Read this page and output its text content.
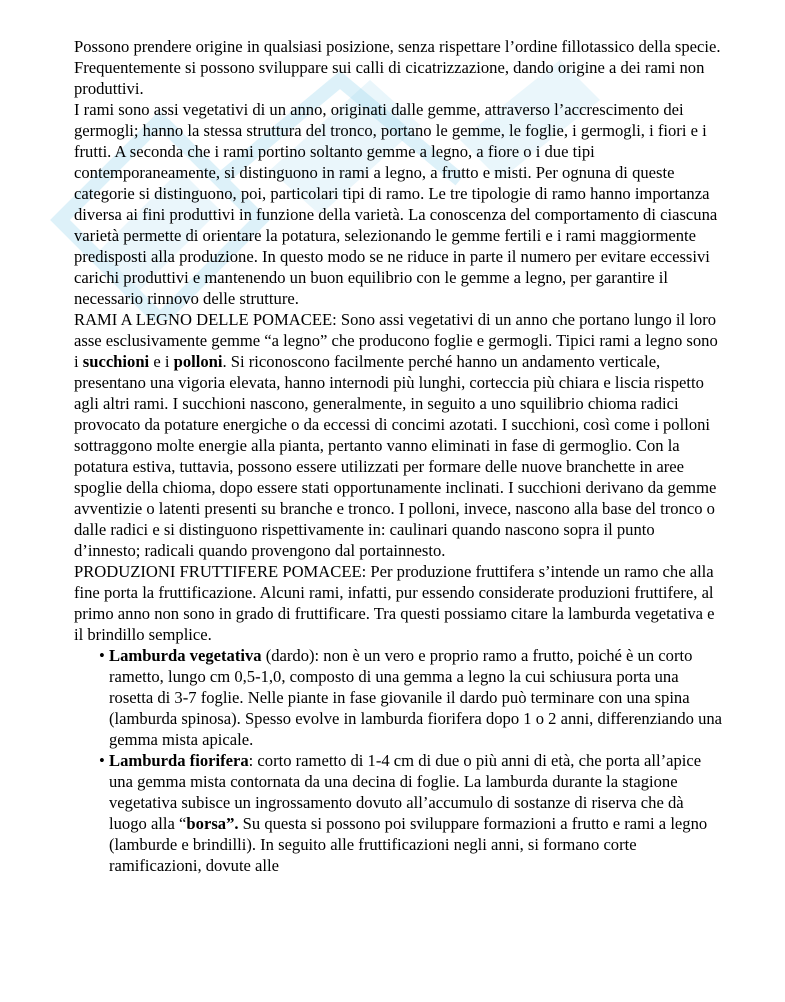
Possono prendere origine in qualsiasi posizione, senza rispettare l’ordine fillotassico della specie. Frequentemente si possono sviluppare sui calli di cicatrizzazione, dando origine a dei rami non produttivi.

I rami sono assi vegetativi di un anno, originati dalle gemme, attraverso l’accrescimento dei germogli; hanno la stessa struttura del tronco, portano le gemme, le foglie, i germogli, i fiori e i frutti. A seconda che i rami portino soltanto gemme a legno, a fiore o i due tipi contemporaneamente, si distinguono in rami a legno, a frutto e misti. Per ognuna di queste categorie si distinguono, poi, particolari tipi di ramo. Le tre tipologie di ramo hanno importanza diversa ai fini produttivi in funzione della varietà. La conoscenza del comportamento di ciascuna varietà permette di orientare la potatura, selezionando le gemme fertili e i rami maggiormente predisposti alla produzione. In questo modo se ne riduce in parte il numero per evitare eccessivi carichi produttivi e mantenendo un buon equilibrio con le gemme a legno, per garantire il necessario rinnovo delle strutture.

RAMI A LEGNO DELLE POMACEE: Sono assi vegetativi di un anno che portano lungo il loro asse esclusivamente gemme “a legno” che producono foglie e germogli. Tipici rami a legno sono i succhioni e i polloni. Si riconoscono facilmente perché hanno un andamento verticale, presentano una vigoria elevata, hanno internodi più lunghi, corteccia più chiara e liscia rispetto agli altri rami. I succhioni nascono, generalmente, in seguito a uno squilibrio chioma radici provocato da potature energiche o da eccessi di concimi azotati. I succhioni, così come i polloni sottraggono molte energie alla pianta, pertanto vanno eliminati in fase di germoglio. Con la potatura estiva, tuttavia, possono essere utilizzati per formare delle nuove branchette in aree spoglie della chioma, dopo essere stati opportunamente inclinati. I succhioni derivano da gemme avventizie o latenti presenti su branche e tronco. I polloni, invece, nascono alla base del tronco o dalle radici e si distinguono rispettivamente in: caulinari quando nascono sopra il punto d’innesto; radicali quando provengono dal portainnesto.

PRODUZIONI FRUTTIFERE POMACEE: Per produzione fruttifera s’intende un ramo che alla fine porta la fruttificazione. Alcuni rami, infatti, pur essendo considerate produzioni fruttifere, al primo anno non sono in grado di fruttificare. Tra questi possiamo citare la lamburda vegetativa e il brindillo semplice.

• Lamburda vegetativa (dardo): non è un vero e proprio ramo a frutto, poiché è un corto rametto, lungo cm 0,5-1,0, composto di una gemma a legno la cui schiusura porta una rosetta di 3-7 foglie. Nelle piante in fase giovanile il dardo può terminare con una spina (lamburda spinosa). Spesso evolve in lamburda fiorifera dopo 1 o 2 anni, differenziando una gemma mista apicale.
• Lamburda fiorifera: corto rametto di 1-4 cm di due o più anni di età, che porta all’apice una gemma mista contornata da una decina di foglie. La lamburda durante la stagione vegetativa subisce un ingrossamento dovuto all’accumulo di sostanze di riserva che dà luogo alla “borsa”. Su questa si possono poi sviluppare formazioni a frutto e rami a legno (lamburde e brindilli). In seguito alle fruttificazioni negli anni, si formano corte ramificazioni, dovute alle
